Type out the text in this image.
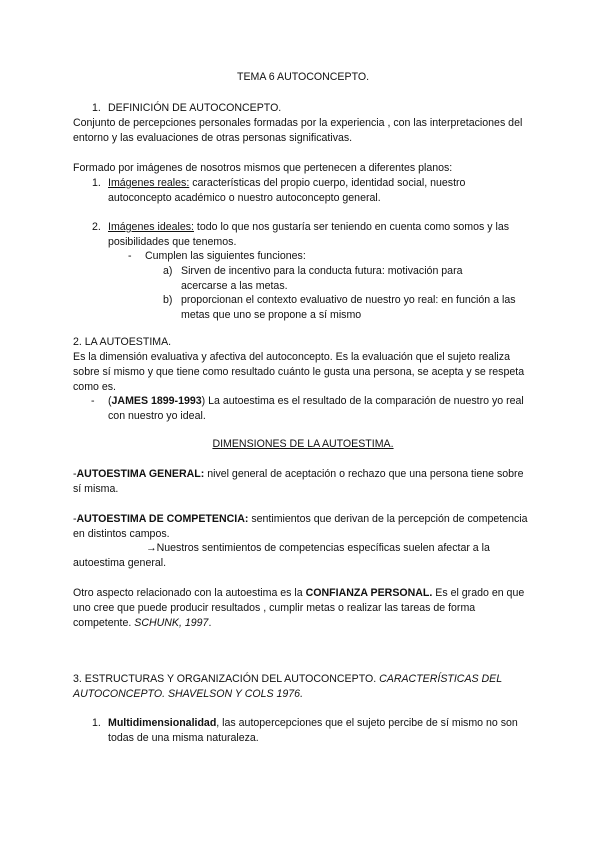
TEMA 6 AUTOCONCEPTO.

1. DEFINICIÓN DE AUTOCONCEPTO.

Conjunto de percepciones personales formadas por la experiencia , con las interpretaciones del entorno y las evaluaciones de otras personas significativas.

Formado por imágenes de nosotros mismos que pertenecen a diferentes planos:

1. Imágenes reales: características del propio cuerpo, identidad social, nuestro autoconcepto académico o nuestro autoconcepto general.

2. Imágenes ideales: todo lo que nos gustaría ser teniendo en cuenta como somos y las posibilidades que tenemos.

-	Cumplen las siguientes funciones:

a) Sirven de incentivo para la conducta futura: motivación para acercarse a las metas.

b) proporcionan el contexto evaluativo de nuestro yo real: en función a las metas que uno se propone a sí mismo

2. LA AUTOESTIMA.

Es la dimensión evaluativa y afectiva del autoconcepto. Es la evaluación que el sujeto realiza sobre sí mismo y que tiene como resultado cuánto le gusta una persona, se acepta y se respeta como es.

-	(JAMES 1899-1993) La autoestima es el resultado de la comparación de nuestro yo real con nuestro yo ideal.

DIMENSIONES DE LA AUTOESTIMA.

-AUTOESTIMA GENERAL: nivel general de aceptación o rechazo que una persona tiene sobre sí misma.

-AUTOESTIMA DE COMPETENCIA: sentimientos que derivan de la percepción de competencia en distintos campos.

→Nuestros sentimientos de competencias específicas suelen afectar a la autoestima general.

Otro aspecto relacionado con la autoestima es la CONFIANZA PERSONAL. Es el grado en que uno cree que puede producir resultados , cumplir metas o realizar las tareas de forma competente. SCHUNK, 1997.

3. ESTRUCTURAS Y ORGANIZACIÓN DEL AUTOCONCEPTO. CARACTERÍSTICAS DEL AUTOCONCEPTO. SHAVELSON Y COLS 1976.

1. Multidimensionalidad, las autopercepciones que el sujeto percibe de sí mismo no son todas de una misma naturaleza.
